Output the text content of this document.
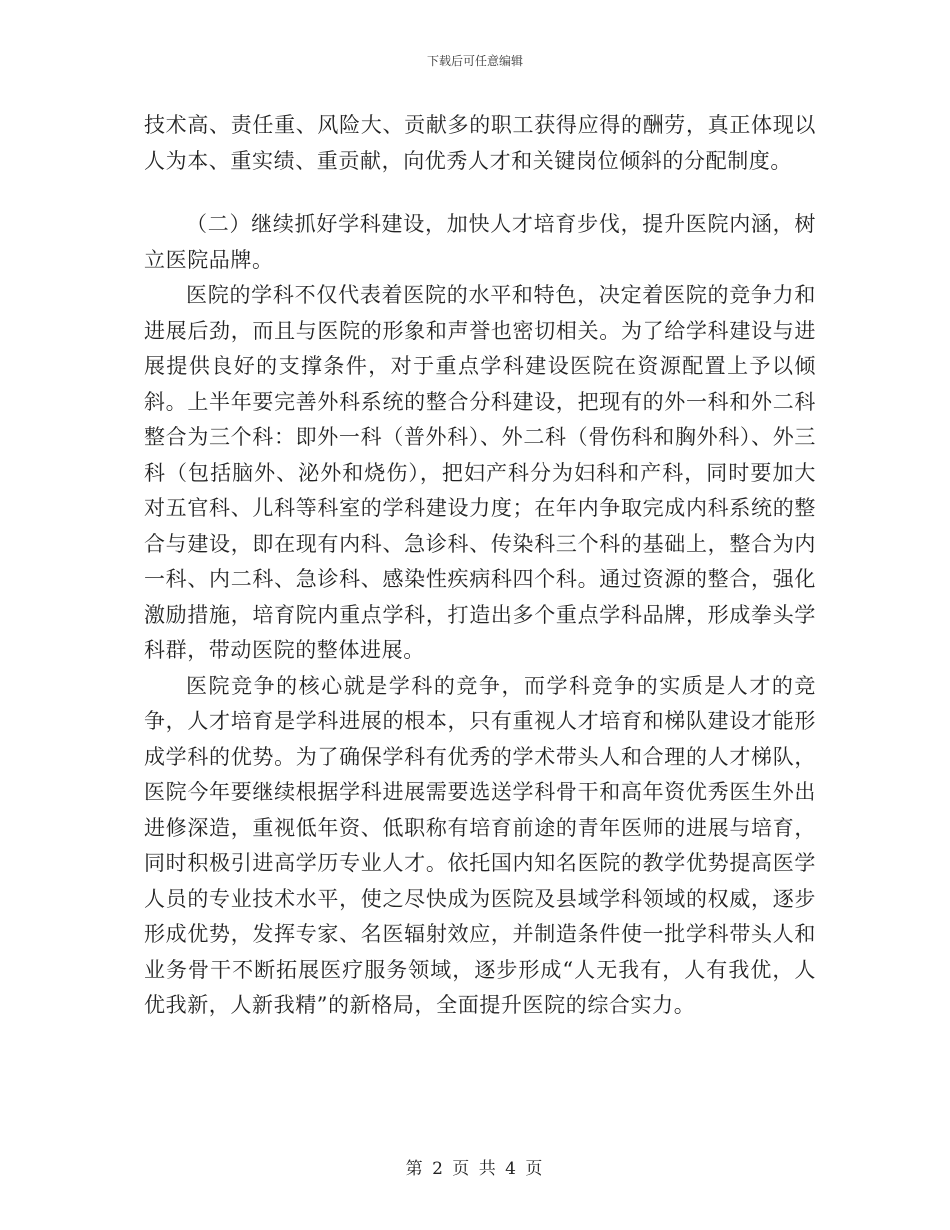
下载后可任意编辑

技术高、责任重、风险大、贡献多的职工获得应得的酬劳，真正体现以人为本、重实绩、重贡献，向优秀人才和关键岗位倾斜的分配制度。

（二）继续抓好学科建设，加快人才培育步伐，提升医院内涵，树立医院品牌。

医院的学科不仅代表着医院的水平和特色，决定着医院的竞争力和进展后劲，而且与医院的形象和声誉也密切相关。为了给学科建设与进展提供良好的支撑条件，对于重点学科建设医院在资源配置上予以倾斜。上半年要完善外科系统的整合分科建设，把现有的外一科和外二科整合为三个科：即外一科（普外科）、外二科（骨伤科和胸外科）、外三科（包括脑外、泌外和烧伤），把妇产科分为妇科和产科，同时要加大对五官科、儿科等科室的学科建设力度；在年内争取完成内科系统的整合与建设，即在现有内科、急诊科、传染科三个科的基础上，整合为内一科、内二科、急诊科、感染性疾病科四个科。通过资源的整合，强化激励措施，培育院内重点学科，打造出多个重点学科品牌，形成拳头学科群，带动医院的整体进展。

医院竞争的核心就是学科的竞争，而学科竞争的实质是人才的竞争，人才培育是学科进展的根本，只有重视人才培育和梯队建设才能形成学科的优势。为了确保学科有优秀的学术带头人和合理的人才梯队，医院今年要继续根据学科进展需要选送学科骨干和高年资优秀医生外出进修深造，重视低年资、低职称有培育前途的青年医师的进展与培育，同时积极引进高学历专业人才。依托国内知名医院的教学优势提高医学人员的专业技术水平，使之尽快成为医院及县域学科领域的权威，逐步形成优势，发挥专家、名医辐射效应，并制造条件使一批学科带头人和业务骨干不断拓展医疗服务领域，逐步形成“人无我有，人有我优，人优我新，人新我精”的新格局，全面提升医院的综合实力。

第 2 页 共 4 页
